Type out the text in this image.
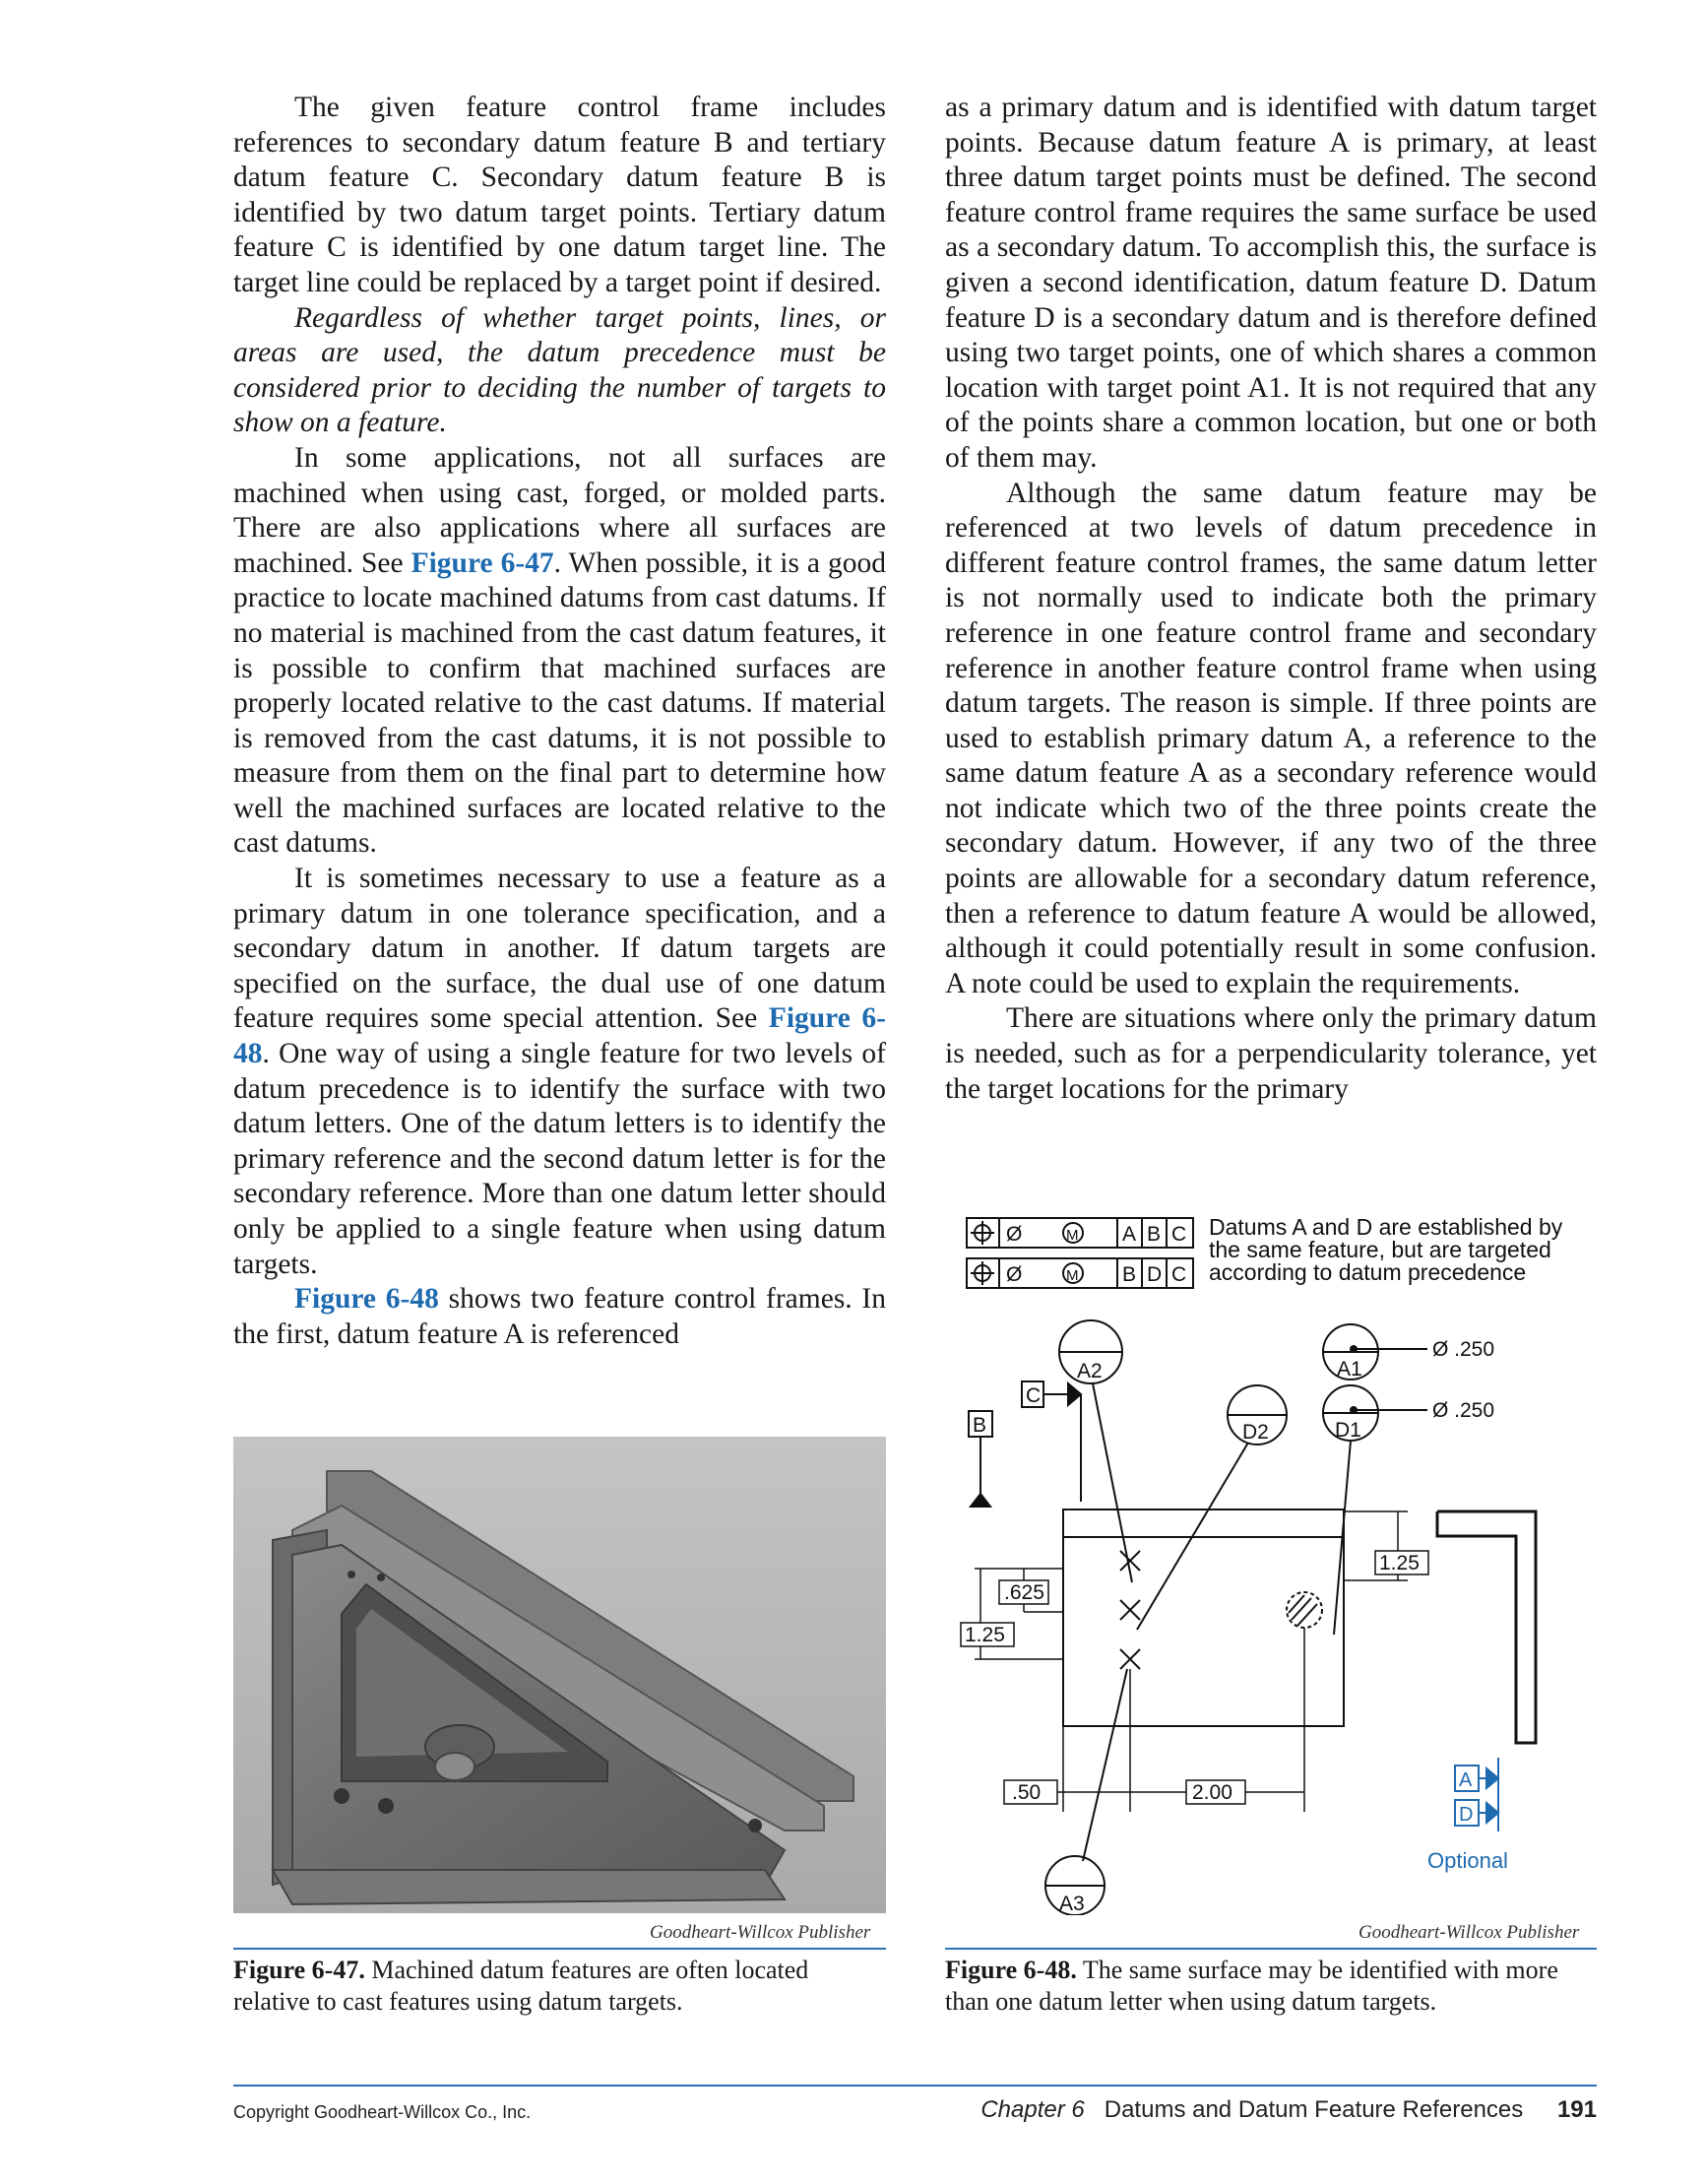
The given feature control frame includes references to secondary datum feature B and tertiary datum feature C. Secondary datum feature B is identified by two datum target points. Tertiary datum feature C is identified by one datum target line. The target line could be replaced by a target point if desired.

Regardless of whether target points, lines, or areas are used, the datum precedence must be considered prior to deciding the number of targets to show on a feature.

In some applications, not all surfaces are machined when using cast, forged, or molded parts. There are also applications where all surfaces are machined. See Figure 6-47. When possible, it is a good practice to locate machined datums from cast datums. If no material is machined from the cast datum features, it is possible to confirm that machined surfaces are properly located relative to the cast datums. If material is removed from the cast datums, it is not possible to measure from them on the final part to determine how well the machined surfaces are located relative to the cast datums.

It is sometimes necessary to use a feature as a primary datum in one tolerance specification, and a secondary datum in another. If datum targets are specified on the surface, the dual use of one datum feature requires some special attention. See Figure 6-48. One way of using a single feature for two levels of datum precedence is to identify the surface with two datum letters. One of the datum letters is to identify the primary reference and the second datum letter is for the secondary reference. More than one datum letter should only be applied to a single feature when using datum targets.

Figure 6-48 shows two feature control frames. In the first, datum feature A is referenced

as a primary datum and is identified with datum target points. Because datum feature A is primary, at least three datum target points must be defined. The second feature control frame requires the same surface be used as a secondary datum. To accomplish this, the surface is given a second identification, datum feature D. Datum feature D is a secondary datum and is therefore defined using two target points, one of which shares a common location with target point A1. It is not required that any of the points share a common location, but one or both of them may.

Although the same datum feature may be referenced at two levels of datum precedence in different feature control frames, the same datum letter is not normally used to indicate both the primary reference in one feature control frame and secondary reference in another feature control frame when using datum targets. The reason is simple. If three points are used to establish primary datum A, a reference to the same datum feature A as a secondary reference would not indicate which two of the three points create the secondary datum. However, if any two of the three points are allowable for a secondary datum reference, then a reference to datum feature A would be allowed, although it could potentially result in some confusion. A note could be used to explain the requirements.

There are situations where only the primary datum is needed, such as for a perpendicularity tolerance, yet the target locations for the primary

Goodheart-Willcox Publisher
Figure 6-47. Machined datum features are often located relative to cast features using datum targets.
Ø	M A B C
Ø	M B D C
A2	A1
Ø .250
D1
Ø .250
D2
C
B
.625
1.25
1.25
.50	2.00
A3
A
D
Optional
Datums A and D are established by the same feature, but are targeted according to datum precedence
Goodheart-Willcox Publisher
Figure 6-48. The same surface may be identified with more than one datum letter when using datum targets.
Copyright Goodheart-Willcox Co., Inc.	Chapter 6 Datums and Datum Feature References 191
